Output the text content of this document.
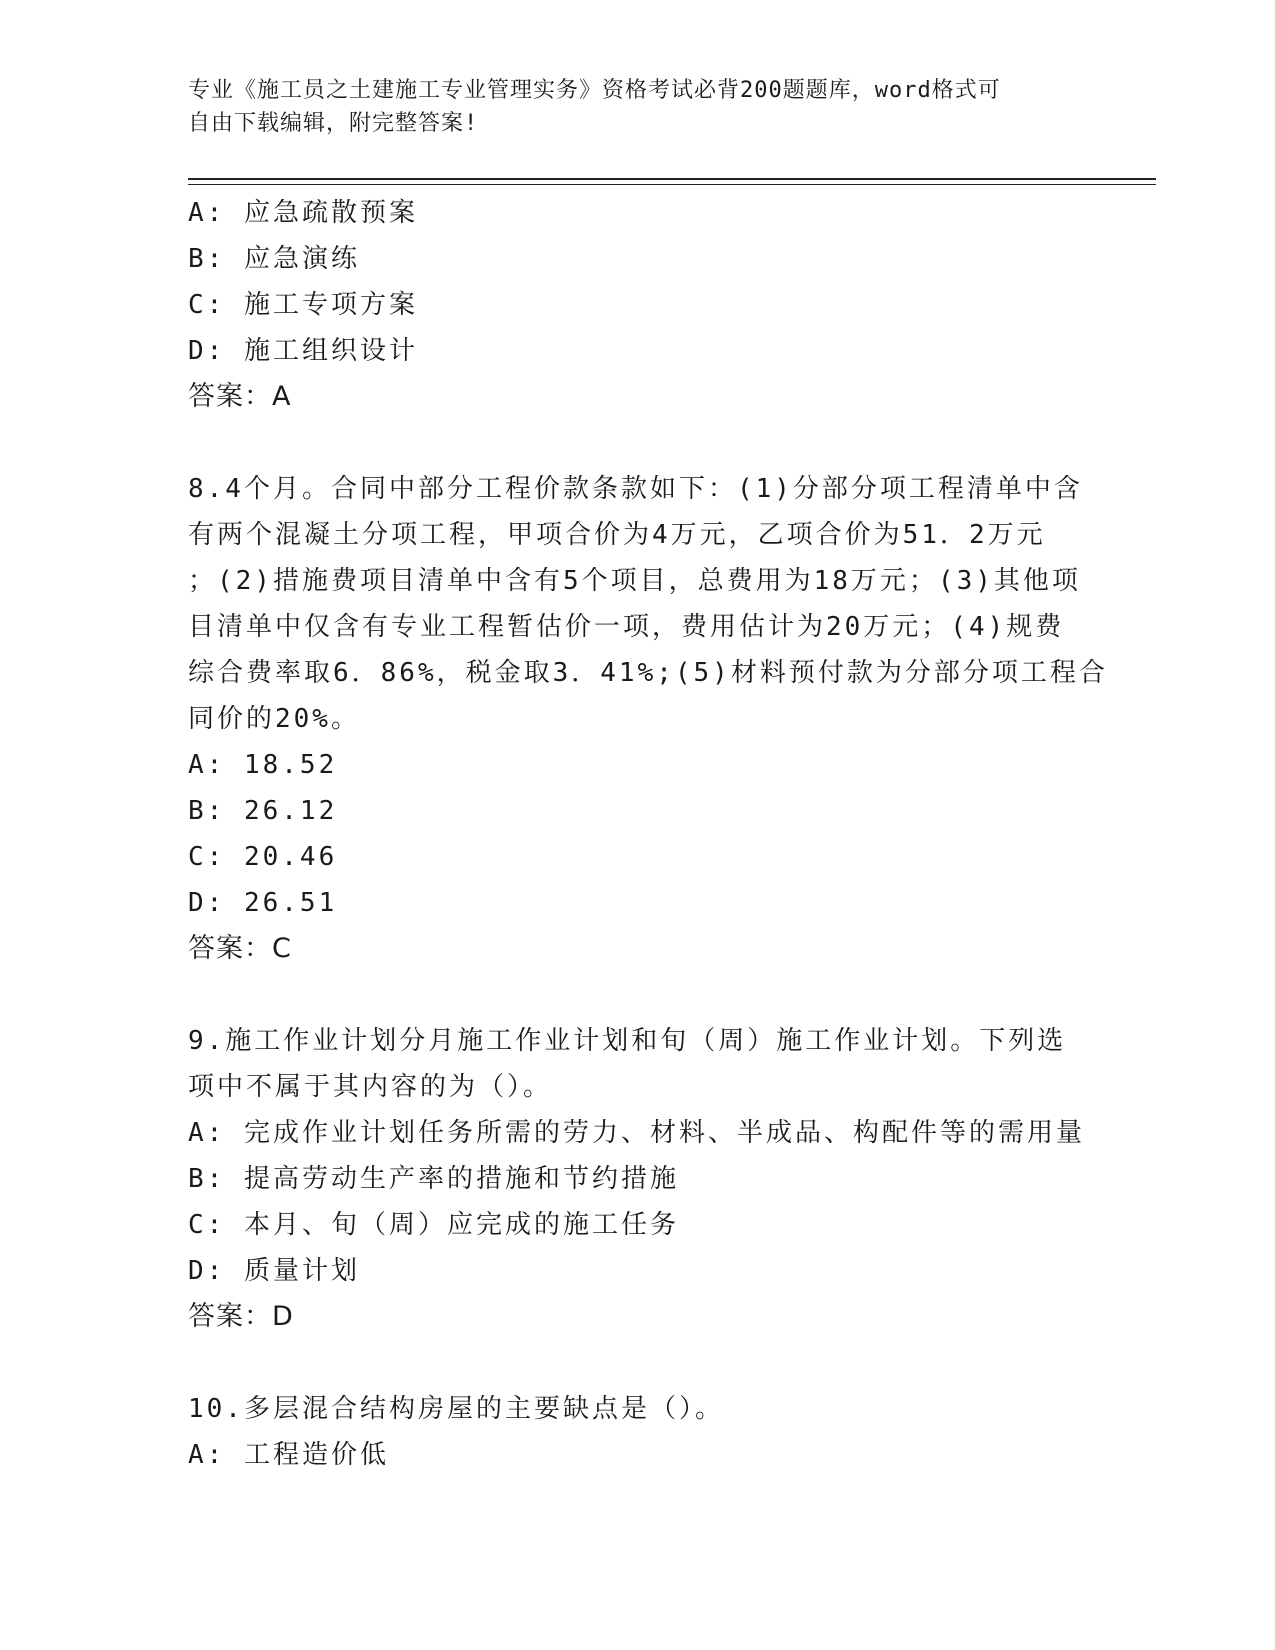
专业《施工员之土建施工专业管理实务》资格考试必背200题题库，word格式可
自由下载编辑，附完整答案!
A: 应急疏散预案
B: 应急演练
C: 施工专项方案
D: 施工组织设计
答案：A
8.4个月。合同中部分工程价款条款如下：(1)分部分项工程清单中含
有两个混凝土分项工程，甲项合价为4万元，乙项合价为51．2万元
；(2)措施费项目清单中含有5个项目，总费用为18万元；(3)其他项
目清单中仅含有专业工程暂估价一项，费用估计为20万元；(4)规费
综合费率取6．86%，税金取3．41%;(5)材料预付款为分部分项工程合
同价的20%。
A: 18.52
B: 26.12
C: 20.46
D: 26.51
答案：C
9.施工作业计划分月施工作业计划和旬（周）施工作业计划。下列选
项中不属于其内容的为（）。
A: 完成作业计划任务所需的劳力、材料、半成品、构配件等的需用量
B: 提高劳动生产率的措施和节约措施
C: 本月、旬（周）应完成的施工任务
D: 质量计划
答案：D
10.多层混合结构房屋的主要缺点是（）。
A: 工程造价低
